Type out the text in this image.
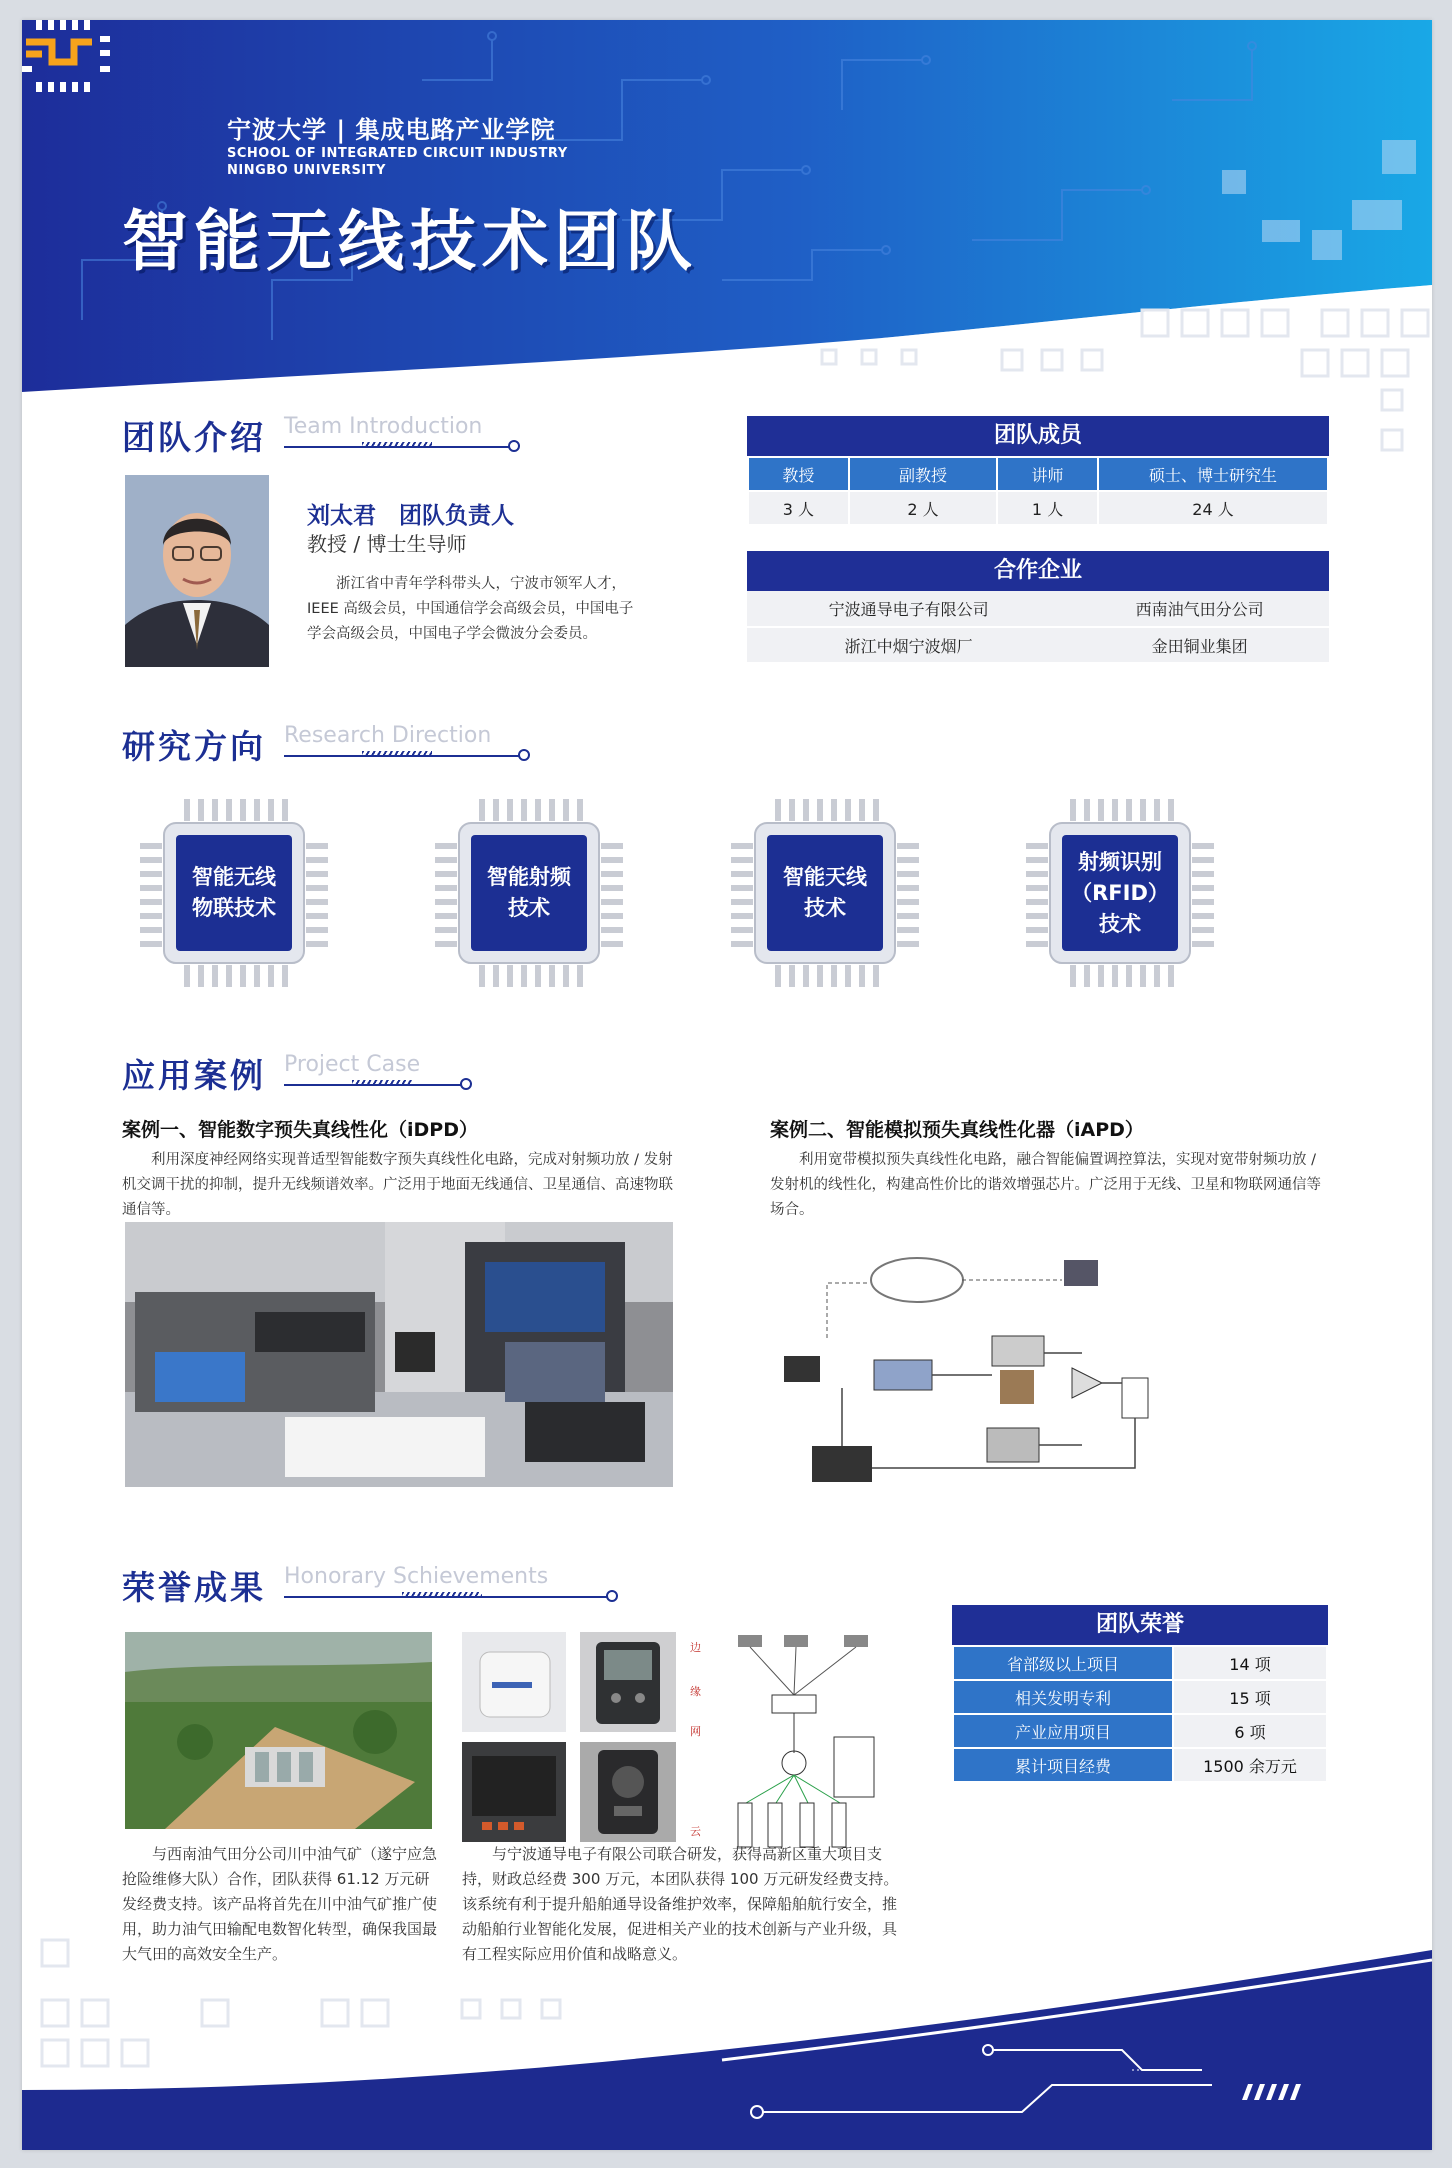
宁波大学 | 集成电路产业学院
SCHOOL OF INTEGRATED CIRCUIT INDUSTRY
NINGBO UNIVERSITY
智能无线技术团队
团队介绍 Team Introduction
刘太君　团队负责人
教授 / 博士生导师
浙江省中青年学科带头人，宁波市领军人才，IEEE 高级会员，中国通信学会高级会员，中国电子学会高级会员，中国电子学会微波分会委员。
团队成员
教授	副教授	讲师	硕士、博士研究生
3 人	2 人	1 人	24 人
合作企业
宁波通导电子有限公司	西南油气田分公司
浙江中烟宁波烟厂	金田铜业集团
研究方向 Research Direction
智能无线
物联技术
智能射频
技术
智能天线
技术
射频识别
（RFID）
技术
应用案例 Project Case
案例一、智能数字预失真线性化（iDPD）
利用深度神经网络实现普适型智能数字预失真线性化电路，完成对射频功放 / 发射机交调干扰的抑制，提升无线频谱效率。广泛用于地面无线通信、卫星通信、高速物联通信等。
案例二、智能模拟预失真线性化器（iAPD）
利用宽带模拟预失真线性化电路，融合智能偏置调控算法，实现对宽带射频功放 / 发射机的线性化，构建高性价比的谐效增强芯片。广泛用于无线、卫星和物联网通信等场合。
荣誉成果 Honorary Schievements
边
缘
网
云
团队荣誉
省部级以上项目	14 项
相关发明专利	15 项
产业应用项目	6 项
累计项目经费	1500 余万元
与西南油气田分公司川中油气矿（遂宁应急抢险维修大队）合作，团队获得 61.12 万元研发经费支持。该产品将首先在川中油气矿推广使用，助力油气田输配电数智化转型，确保我国最大气田的高效安全生产。
与宁波通导电子有限公司联合研发，获得高新区重大项目支持，财政总经费 300 万元，本团队获得 100 万元研发经费支持。该系统有利于提升船舶通导设备维护效率，保障船舶航行安全，推动船舶行业智能化发展，促进相关产业的技术创新与产业升级，具有工程实际应用价值和战略意义。
